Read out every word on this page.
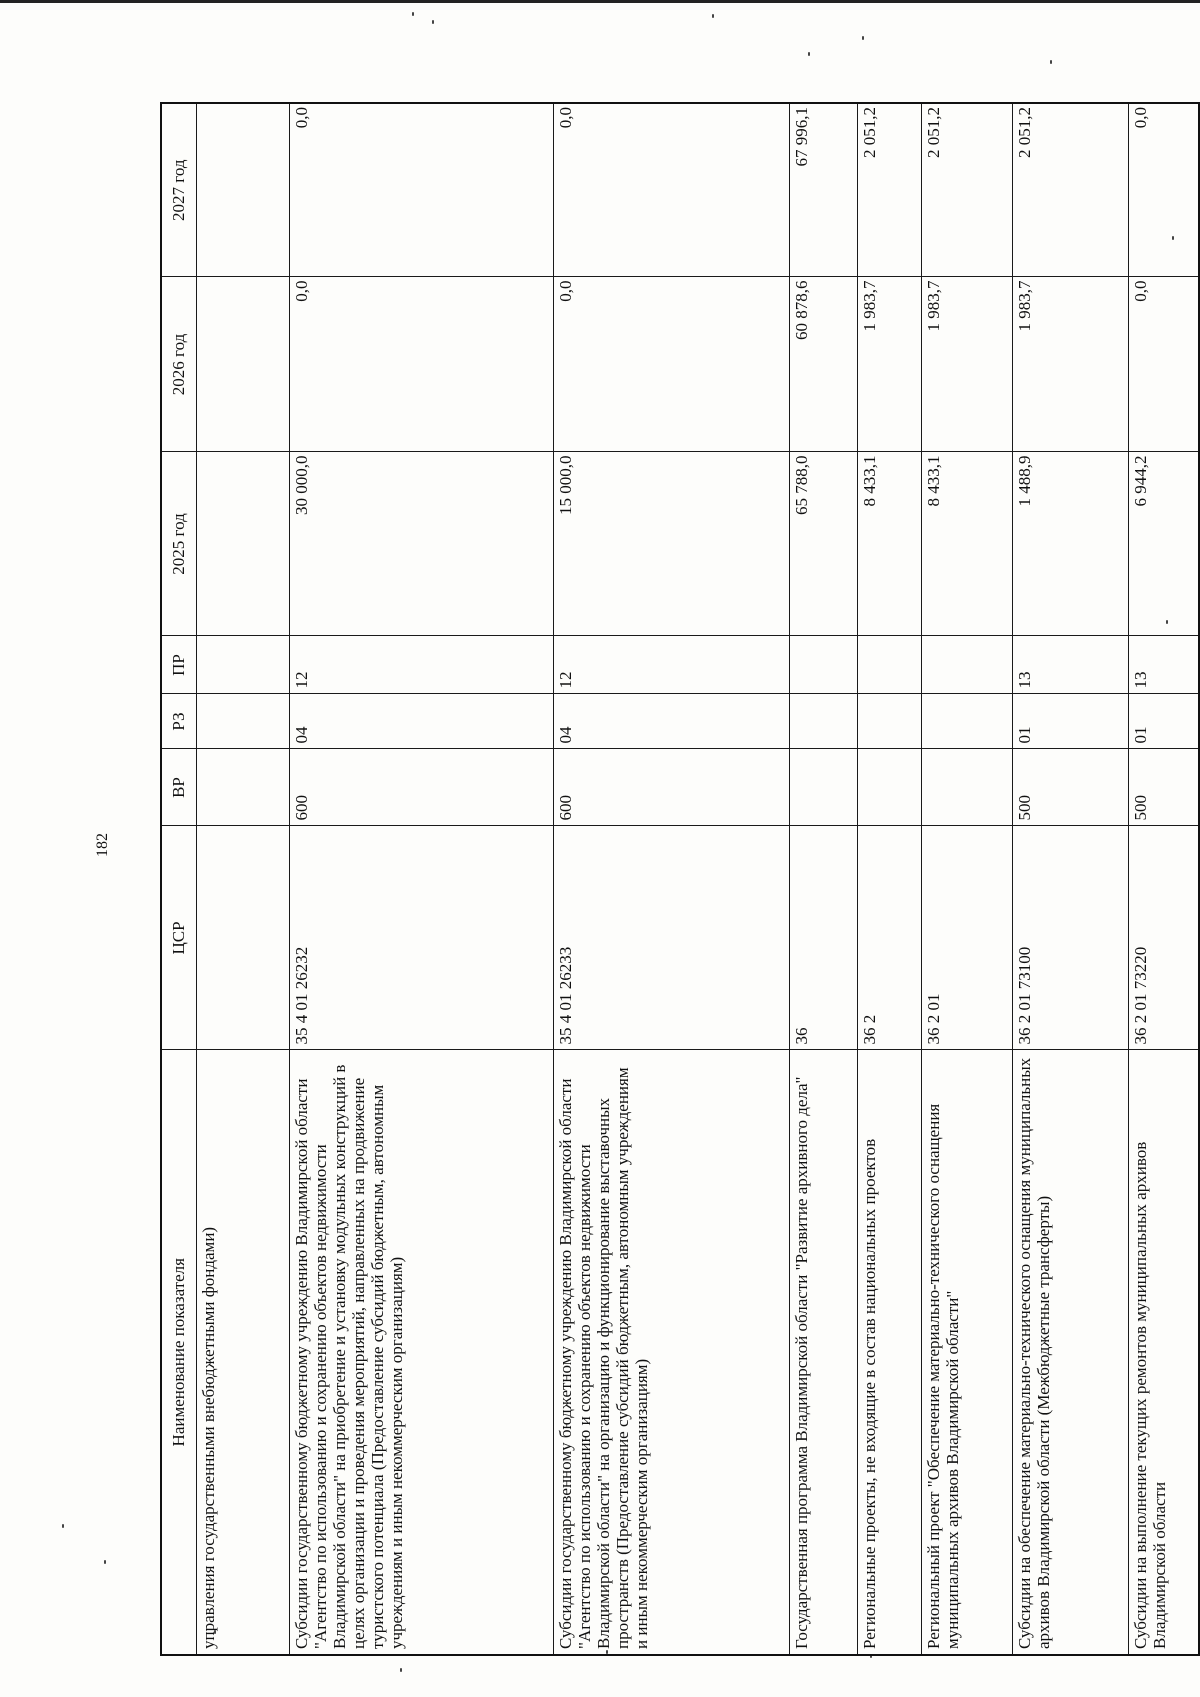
182
Наименование показателя	ЦСР	ВР	РЗ	ПР	2025 год	2026 год	2027 год
управления государственными внебюджетными фондами)							
Субсидии государственному бюджетному учреждению Владимирской области "Агентство по использованию и сохранению объектов недвижимости Владимирской области" на приобретение и установку модульных конструкций в целях организации и проведения мероприятий, направленных на продвижение туристского потенциала (Предоставление субсидий бюджетным, автономным учреждениям и иным некоммерческим организациям)	35 4 01 26232	600	04	12	30 000,0	0,0	0,0
Субсидии государственному бюджетному учреждению Владимирской области "Агентство по использованию и сохранению объектов недвижимости Владимирской области" на организацию и функционирование выставочных пространств (Предоставление субсидий бюджетным, автономным учреждениям и иным некоммерческим организациям)	35 4 01 26233	600	04	12	15 000,0	0,0	0,0
Государственная программа Владимирской области "Развитие архивного дела"	36				65 788,0	60 878,6	67 996,1
Региональные проекты, не входящие в состав национальных проектов	36 2				8 433,1	1 983,7	2 051,2
Региональный проект "Обеспечение материально-технического оснащения муниципальных архивов Владимирской области"	36 2 01				8 433,1	1 983,7	2 051,2
Субсидии на обеспечение материально-технического оснащения муниципальных архивов Владимирской области (Межбюджетные трансферты)	36 2 01 73100	500	01	13	1 488,9	1 983,7	2 051,2
Субсидии на выполнение текущих ремонтов муниципальных архивов Владимирской области	36 2 01 73220	500	01	13	6 944,2	0,0	0,0
